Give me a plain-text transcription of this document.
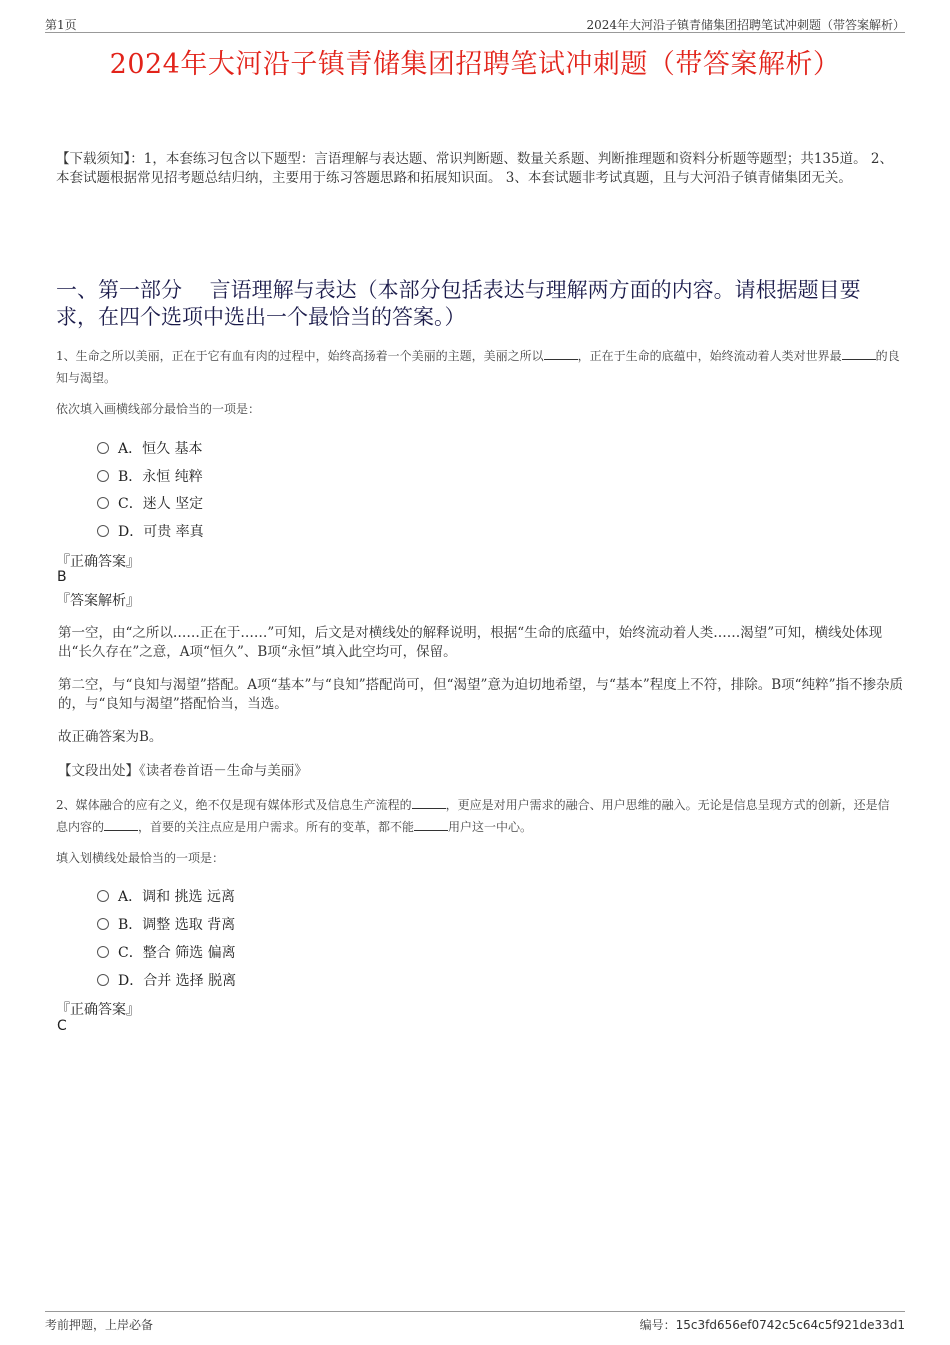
第1页	2024年大河沿子镇青储集团招聘笔试冲刺题（带答案解析）
2024年大河沿子镇青储集团招聘笔试冲刺题（带答案解析）
【下载须知】：1，本套练习包含以下题型：言语理解与表达题、常识判断题、数量关系题、判断推理题和资料分析题等题型；共135道。 2、本套试题根据常见招考题总结归纳，主要用于练习答题思路和拓展知识面。 3、本套试题非考试真题，且与大河沿子镇青储集团无关。
一、第一部分　 言语理解与表达（本部分包括表达与理解两方面的内容。请根据题目要求，在四个选项中选出一个最恰当的答案。）
1、生命之所以美丽，正在于它有血有肉的过程中，始终高扬着一个美丽的主题，美丽之所以	，正在于生命的底蕴中，始终流动着人类对世界最	的良知与渴望。
依次填入画横线部分最恰当的一项是：
A．恒久 基本
B．永恒 纯粹
C．迷人 坚定
D．可贵 率真
『正确答案』
B
『答案解析』
第一空，由“之所以……正在于……”可知，后文是对横线处的解释说明，根据“生命的底蕴中，始终流动着人类……渴望”可知，横线处体现出“长久存在”之意，A项“恒久”、B项“永恒”填入此空均可，保留。
第二空，与“良知与渴望”搭配。A项“基本”与“良知”搭配尚可，但“渴望”意为迫切地希望，与“基本”程度上不符，排除。B项“纯粹”指不掺杂质的，与“良知与渴望”搭配恰当，当选。
故正确答案为B。
【文段出处】《读者卷首语－生命与美丽》
2、媒体融合的应有之义，绝不仅是现有媒体形式及信息生产流程的	，更应是对用户需求的融合、用户思维的融入。无论是信息呈现方式的创新，还是信息内容的	，首要的关注点应是用户需求。所有的变革，都不能	用户这一中心。
填入划横线处最恰当的一项是：
A．调和 挑选 远离
B．调整 选取 背离
C．整合 筛选 偏离
D．合并 选择 脱离
『正确答案』
C
考前押题，上岸必备	编号：15c3fd656ef0742c5c64c5f921de33d1
